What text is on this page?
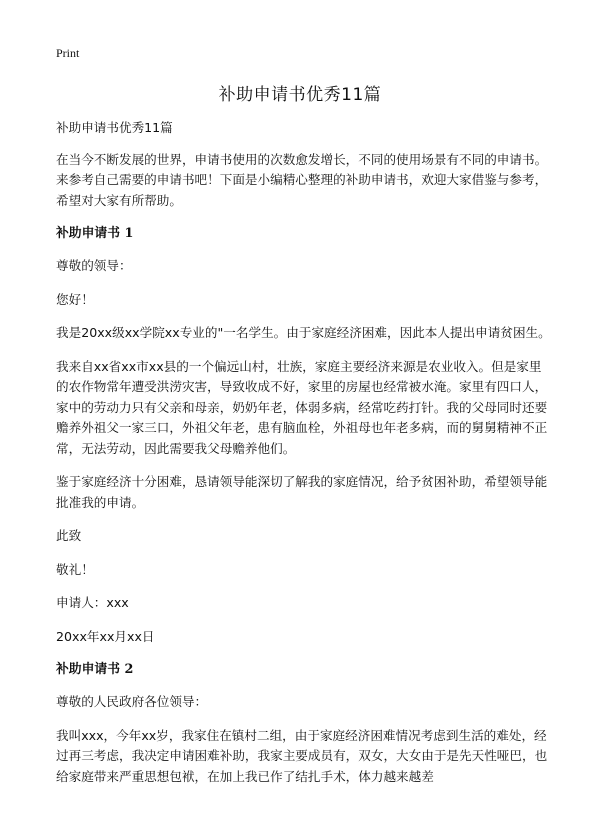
Print
补助申请书优秀11篇

补助申请书优秀11篇

在当今不断发展的世界，申请书使用的次数愈发增长，不同的使用场景有不同的申请书。来参考自己需要的申请书吧！下面是小编精心整理的补助申请书，欢迎大家借鉴与参考，希望对大家有所帮助。

补助申请书 1

尊敬的领导：

您好！

我是20xx级xx学院xx专业的"一名学生。由于家庭经济困难，因此本人提出申请贫困生。

我来自xx省xx市xx县的一个偏远山村，壮族，家庭主要经济来源是农业收入。但是家里的农作物常年遭受洪涝灾害，导致收成不好，家里的房屋也经常被水淹。家里有四口人，家中的劳动力只有父亲和母亲，奶奶年老，体弱多病，经常吃药打针。我的父母同时还要赡养外祖父一家三口，外祖父年老，患有脑血栓，外祖母也年老多病，而的舅舅精神不正常，无法劳动，因此需要我父母赡养他们。

鉴于家庭经济十分困难，恳请领导能深切了解我的家庭情况，给予贫困补助，希望领导能批准我的申请。

此致

敬礼！

申请人：xxx

20xx年xx月xx日

补助申请书 2

尊敬的人民政府各位领导：

我叫xxx，今年xx岁，我家住在镇村二组，由于家庭经济困难情况考虑到生活的难处，经过再三考虑，我决定申请困难补助，我家主要成员有，双女，大女由于是先天性哑巴，也给家庭带来严重思想包袱，在加上我已作了结扎手术，体力越来越差
